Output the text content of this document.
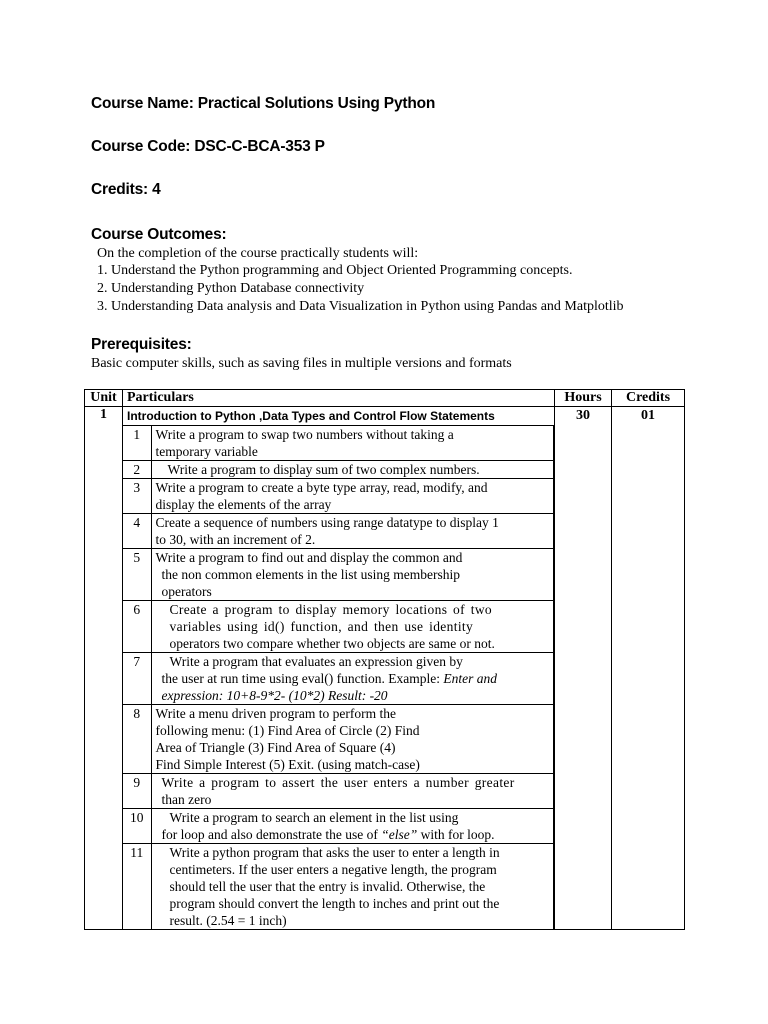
Course Name: Practical Solutions Using Python
Course Code: DSC-C-BCA-353 P
Credits: 4
Course Outcomes:
On the completion of the course practically students will:
1. Understand the Python programming and Object Oriented Programming concepts.
2. Understanding Python Database connectivity
3. Understanding Data analysis and Data Visualization in Python using Pandas and Matplotlib
Prerequisites:
Basic computer skills, such as saving files in multiple versions and formats
Unit	Particulars	Hours	Credits
1	Introduction to Python ,Data Types and Control Flow Statements	30	01

1	Write a program to swap two numbers without taking a
temporary variable

2	Write a program to display sum of two complex numbers.

3	Write a program to create a byte type array, read, modify, and
display the elements of the array

4	Create a sequence of numbers using range datatype to display 1
to 30, with an increment of 2.

5	Write a program to find out and display the common and
the non common elements in the list using membership
operators

6	Create a program to display memory locations of two
variables using id() function, and then use identity
operators two compare whether two objects are same or not.

7	Write a program that evaluates an expression given by
the user at run time using eval() function. Example: Enter and
expression: 10+8-9*2- (10*2) Result: -20

8	Write a menu driven program to perform the
following menu: (1) Find Area of Circle (2) Find
Area of Triangle (3) Find Area of Square (4)
Find Simple Interest (5) Exit. (using match-case)

9	Write a program to assert the user enters a number greater
than zero

10	Write a program to search an element in the list using
for loop and also demonstrate the use of “else” with for loop.

11	Write a python program that asks the user to enter a length in
centimeters. If the user enters a negative length, the program
should tell the user that the entry is invalid. Otherwise, the
program should convert the length to inches and print out the
result. (2.54 = 1 inch)
